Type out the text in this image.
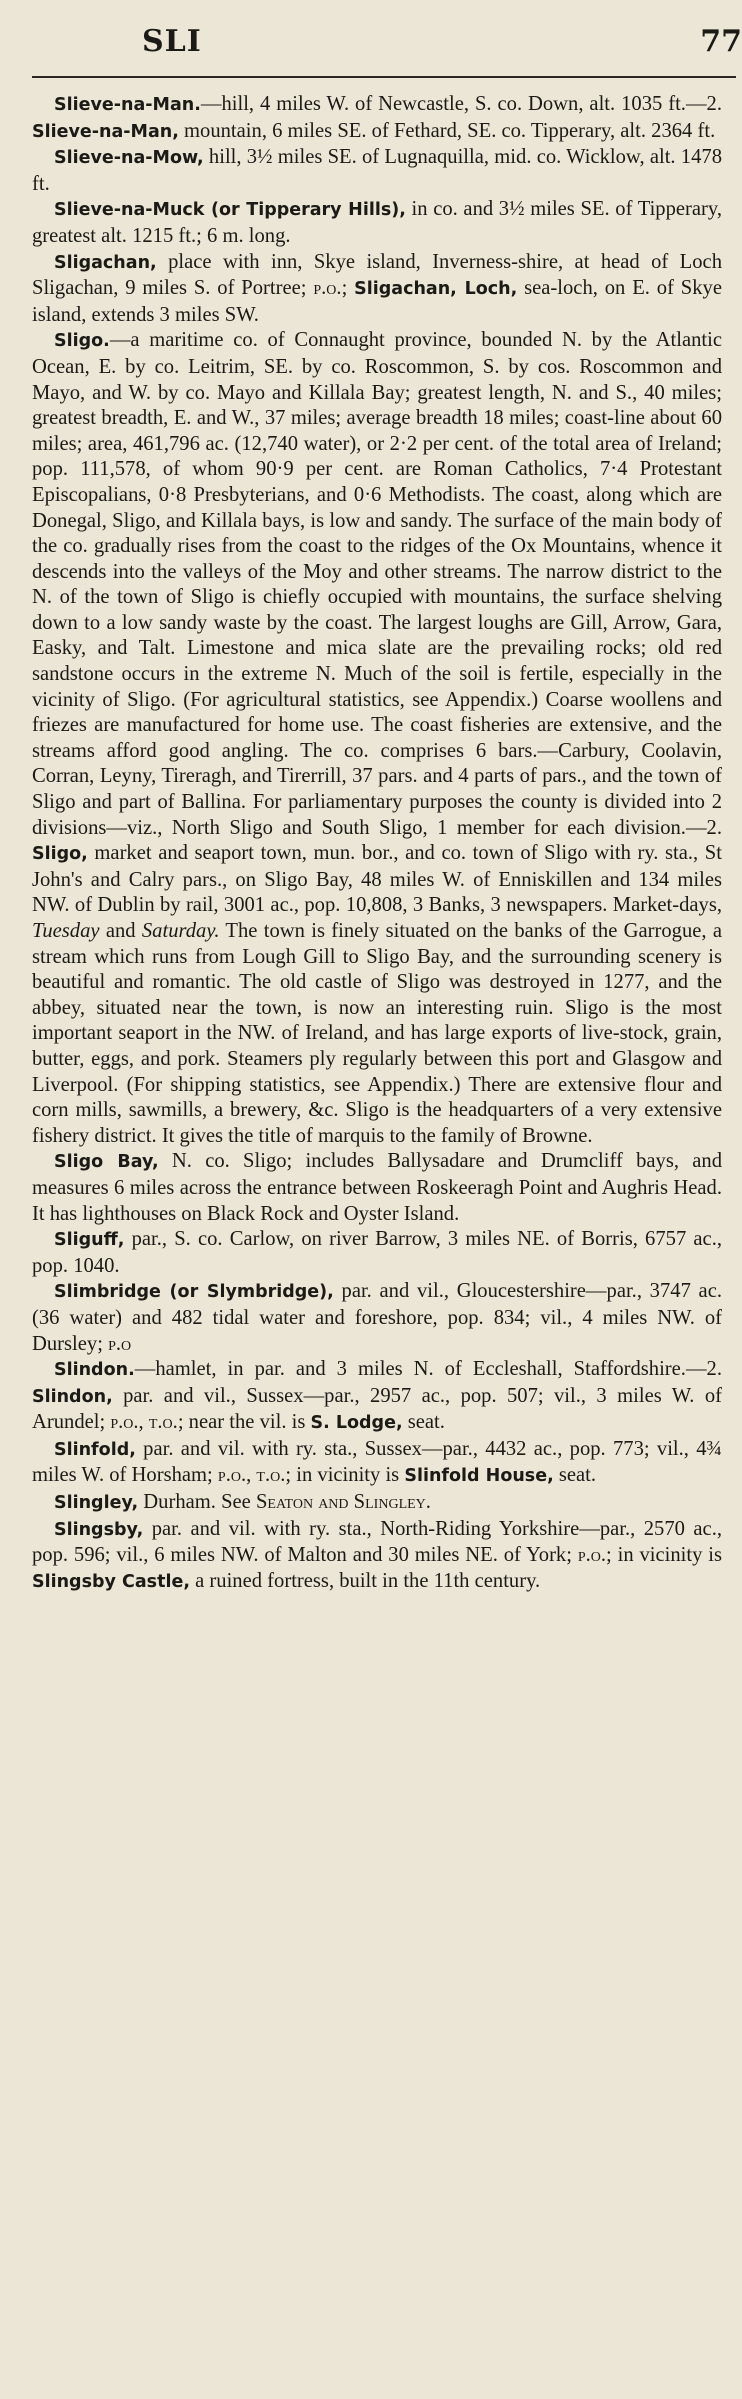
SLI	77

Slieve-na-Man.—hill, 4 miles W. of Newcastle, S. co. Down, alt. 1035 ft.—2. Slieve-na-Man, mountain, 6 miles SE. of Fethard, SE. co. Tipperary, alt. 2364 ft.

Slieve-na-Mow, hill, 3½ miles SE. of Lugnaquilla, mid. co. Wicklow, alt. 1478 ft.

Slieve-na-Muck (or Tipperary Hills), in co. and 3½ miles SE. of Tipperary, greatest alt. 1215 ft.; 6 m. long.

Sligachan, place with inn, Skye island, Inverness-shire, at head of Loch Sligachan, 9 miles S. of Portree; p.o.; Sligachan, Loch, sea-loch, on E. of Skye island, extends 3 miles SW.

Sligo.—a maritime co. of Connaught province, bounded N. by the Atlantic Ocean, E. by co. Leitrim, SE. by co. Roscommon, S. by cos. Roscommon and Mayo, and W. by co. Mayo and Killala Bay; greatest length, N. and S., 40 miles; greatest breadth, E. and W., 37 miles; average breadth 18 miles; coast-line about 60 miles; area, 461,796 ac. (12,740 water), or 2·2 per cent. of the total area of Ireland; pop. 111,578, of whom 90·9 per cent. are Roman Catholics, 7·4 Protestant Episcopalians, 0·8 Presbyterians, and 0·6 Methodists. The coast, along which are Donegal, Sligo, and Killala bays, is low and sandy. The surface of the main body of the co. gradually rises from the coast to the ridges of the Ox Mountains, whence it descends into the valleys of the Moy and other streams. The narrow district to the N. of the town of Sligo is chiefly occupied with mountains, the surface shelving down to a low sandy waste by the coast. The largest loughs are Gill, Arrow, Gara, Easky, and Talt. Limestone and mica slate are the prevailing rocks; old red sandstone occurs in the extreme N. Much of the soil is fertile, especially in the vicinity of Sligo. (For agricultural statistics, see Appendix.) Coarse woollens and friezes are manufactured for home use. The coast fisheries are extensive, and the streams afford good angling. The co. comprises 6 bars.—Carbury, Coolavin, Corran, Leyny, Tireragh, and Tirerrill, 37 pars. and 4 parts of pars., and the town of Sligo and part of Ballina. For parliamentary purposes the county is divided into 2 divisions—viz., North Sligo and South Sligo, 1 member for each division.—2. Sligo, market and seaport town, mun. bor., and co. town of Sligo with ry. sta., St John's and Calry pars., on Sligo Bay, 48 miles W. of Enniskillen and 134 miles NW. of Dublin by rail, 3001 ac., pop. 10,808, 3 Banks, 3 newspapers. Market-days, Tuesday and Saturday. The town is finely situated on the banks of the Garrogue, a stream which runs from Lough Gill to Sligo Bay, and the surrounding scenery is beautiful and romantic. The old castle of Sligo was destroyed in 1277, and the abbey, situated near the town, is now an interesting ruin. Sligo is the most important seaport in the NW. of Ireland, and has large exports of live-stock, grain, butter, eggs, and pork. Steamers ply regularly between this port and Glasgow and Liverpool. (For shipping statistics, see Appendix.) There are extensive flour and corn mills, sawmills, a brewery, &c. Sligo is the headquarters of a very extensive fishery district. It gives the title of marquis to the family of Browne.

Sligo Bay, N. co. Sligo; includes Ballysadare and Drumcliff bays, and measures 6 miles across the entrance between Roskeeragh Point and Aughris Head. It has lighthouses on Black Rock and Oyster Island.

Sliguff, par., S. co. Carlow, on river Barrow, 3 miles NE. of Borris, 6757 ac., pop. 1040.

Slimbridge (or Slymbridge), par. and vil., Gloucestershire—par., 3747 ac. (36 water) and 482 tidal water and foreshore, pop. 834; vil., 4 miles NW. of Dursley; p.o

Slindon.—hamlet, in par. and 3 miles N. of Eccleshall, Staffordshire.—2. Slindon, par. and vil., Sussex—par., 2957 ac., pop. 507; vil., 3 miles W. of Arundel; p.o., t.o.; near the vil. is S. Lodge, seat.

Slinfold, par. and vil. with ry. sta., Sussex—par., 4432 ac., pop. 773; vil., 4¾ miles W. of Horsham; p.o., t.o.; in vicinity is Slinfold House, seat.

Slingley, Durham. See Seaton and Slingley.

Slingsby, par. and vil. with ry. sta., North-Riding Yorkshire—par., 2570 ac., pop. 596; vil., 6 miles NW. of Malton and 30 miles NE. of York; p.o.; in vicinity is Slingsby Castle, a ruined fortress, built in the 11th century.
